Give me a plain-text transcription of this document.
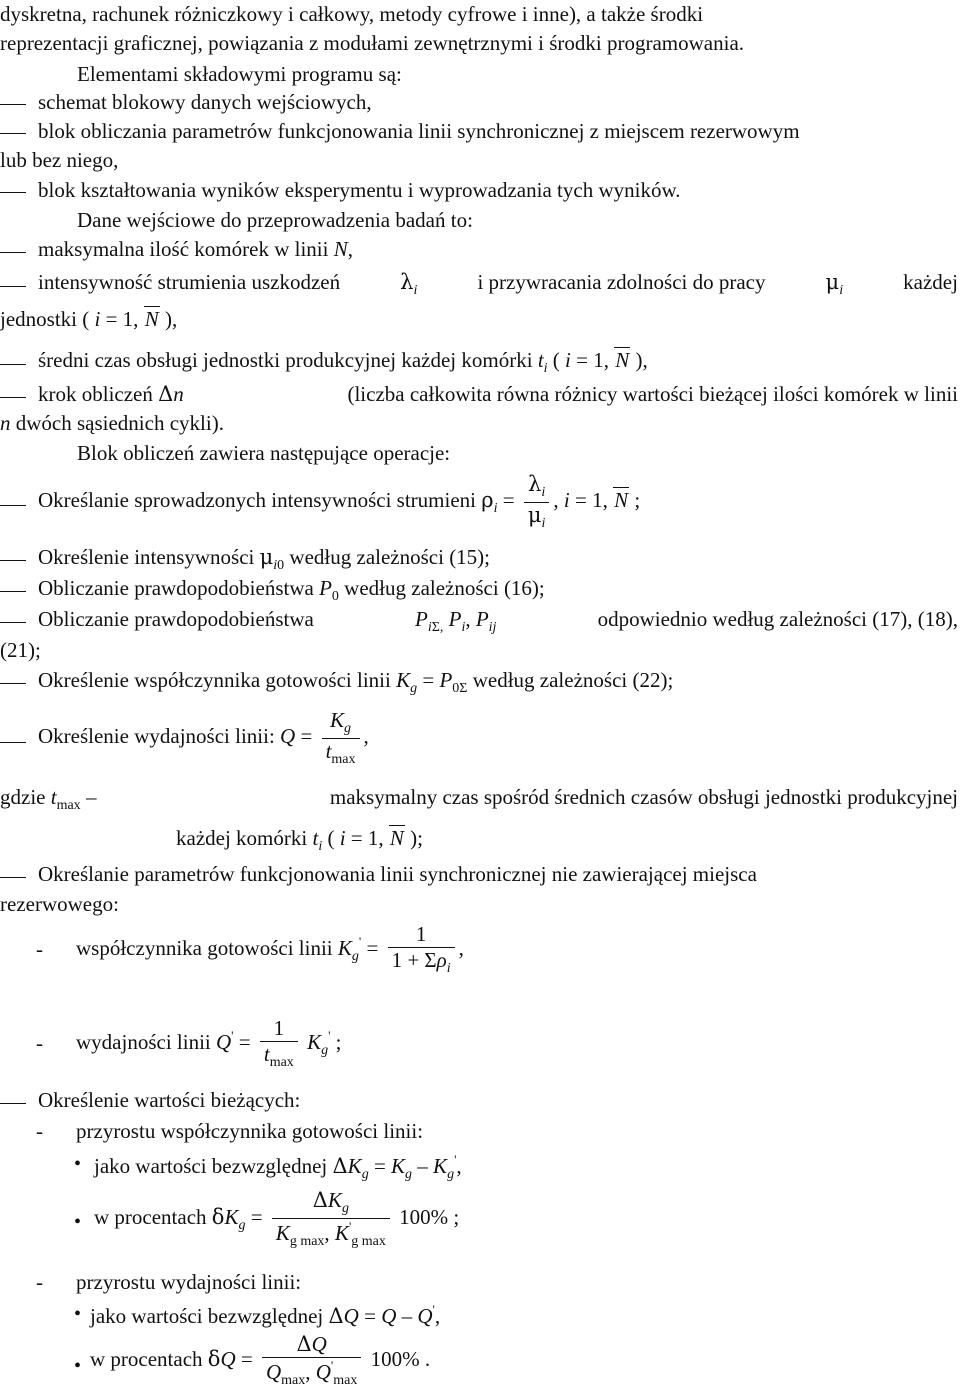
dyskretna, rachunek różniczkowy i całkowy, metody cyfrowe i inne), a także środki
reprezentacji graficznej, powiązania z modułami zewnętrznymi i środki programowania.
Elementami składowymi programu są:
schemat blokowy danych wejściowych,
blok obliczania parametrów funkcjonowania linii synchronicznej z miejscem rezerwowym
lub bez niego,
blok kształtowania wyników eksperymentu i wyprowadzania tych wyników.
Dane wejściowe do przeprowadzenia badań to:
maksymalna ilość komórek w linii N,
intensywność strumienia uszkodzeń	$\lambda_i$	i przywracania zdolności do pracy	$\mu_i$	każdej
jednostki ( i = 1, N ),
średni czas obsługi jednostki produkcyjnej każdej komórki $t_i$ ( i = 1, N ),
krok obliczeń Δn	(liczba całkowita równa różnicy wartości bieżącej ilości komórek w linii
n dwóch sąsiednich cykli).
Blok obliczeń zawiera następujące operacje:
Określanie sprowadzonych intensywności strumieni $\rho_i = \frac{\lambda_i}{\mu_i}$ , i = 1, N ;
Określenie intensywności $\mu_{i0}$ według zależności (15);
Obliczanie prawdopodobieństwa $P_0$ według zależności (16);
Obliczanie prawdopodobieństwa	$P_{i\Sigma,}$ $P_i$, $P_{ij}$	odpowiednio według zależności (17), (18),
(21);
Określenie współczynnika gotowości linii $K_g = P_{0\Sigma}$ według zależności (22);
Określenie wydajności linii: $Q = \frac{K_g}{t_{max}}$ ,
gdzie $t_{max}$ –	maksymalny czas spośród średnich czasów obsługi jednostki produkcyjnej
każdej komórki $t_i$ ( i = 1, N );
Określanie parametrów funkcjonowania linii synchronicznej nie zawierającej miejsca
rezerwowego:
- współczynnika gotowości linii $K_g' = \frac{1}{1 + \Sigma\rho_i}$ ,
- wydajności linii $Q' = \frac{1}{t_{max}} K_g'$ ;
Określenie wartości bieżących:
- przyrostu współczynnika gotowości linii:
• jako wartości bezwzględnej $\Delta K_g = K_g - K_g'$,
• w procentach $\delta K_g = \frac{\Delta K_g}{K_{g max}, K'_{g max}} 100\%$ ;
- przyrostu wydajności linii:
• jako wartości bezwzględnej ΔQ = Q – Q',
• w procentach $\delta Q = \frac{\Delta Q}{Q_{max}, Q'_{max}} 100\%$ .
